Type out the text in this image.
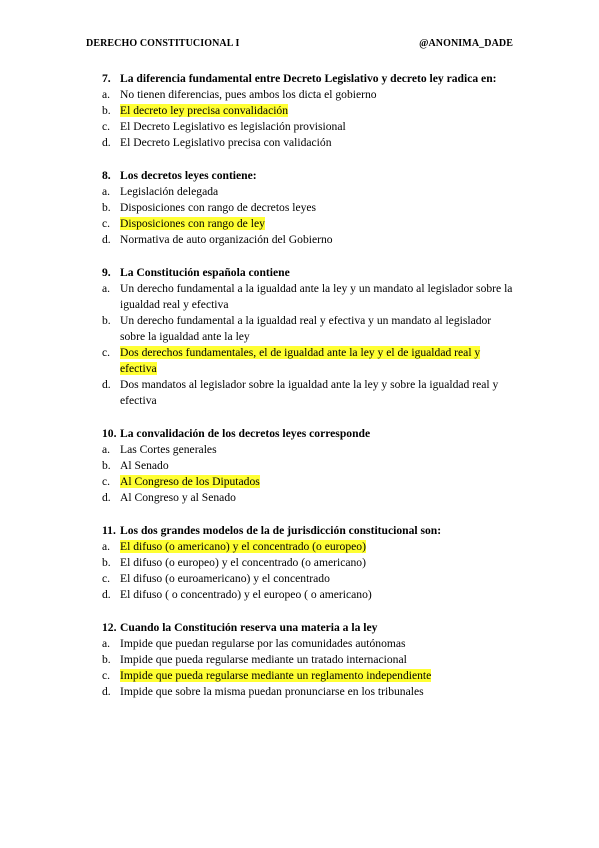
DERECHO CONSTITUCIONAL I	@ANONIMA_DADE
7. La diferencia fundamental entre Decreto Legislativo y decreto ley radica en:
a. No tienen diferencias, pues ambos los dicta el gobierno
b. El decreto ley precisa convalidación
c. El Decreto Legislativo es legislación provisional
d. El Decreto Legislativo precisa con validación
8. Los decretos leyes contiene:
a. Legislación delegada
b. Disposiciones con rango de decretos leyes
c. Disposiciones con rango de ley
d. Normativa de auto organización del Gobierno
9. La Constitución española contiene
a. Un derecho fundamental a la igualdad ante la ley y un mandato al legislador sobre la igualdad real y efectiva
b. Un derecho fundamental a la igualdad real y efectiva y un mandato al legislador sobre la igualdad ante la ley
c. Dos derechos fundamentales, el de igualdad ante la ley y el de igualdad real y efectiva
d. Dos mandatos al legislador sobre la igualdad ante la ley y sobre la igualdad real y efectiva
10. La convalidación de los decretos leyes corresponde
a. Las Cortes generales
b. Al Senado
c. Al Congreso de los Diputados
d. Al Congreso y al Senado
11. Los dos grandes modelos de la de jurisdicción constitucional son:
a. El difuso (o americano) y el concentrado (o europeo)
b. El difuso (o europeo) y el concentrado (o americano)
c. El difuso (o euroamericano) y el concentrado
d. El difuso ( o concentrado) y el europeo ( o americano)
12. Cuando la Constitución reserva una materia a la ley
a. Impide que puedan regularse por las comunidades autónomas
b. Impide que pueda regularse mediante un tratado internacional
c. Impide que pueda regularse mediante un reglamento independiente
d. Impide que sobre la misma puedan pronunciarse en los tribunales
